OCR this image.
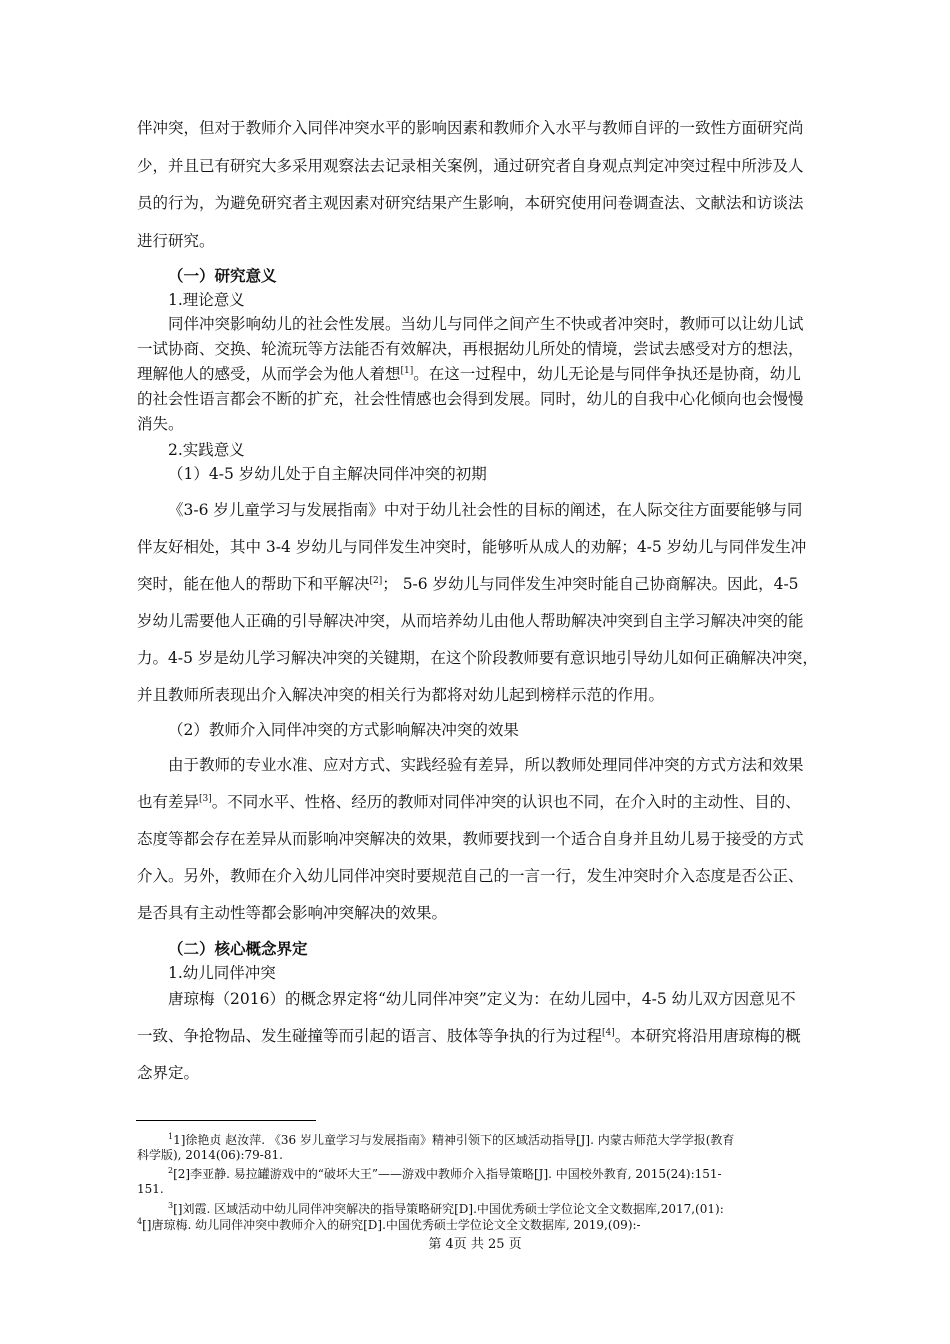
伴冲突，但对于教师介入同伴冲突水平的影响因素和教师介入水平与教师自评的一致性方面研究尚
少，并且已有研究大多采用观察法去记录相关案例，通过研究者自身观点判定冲突过程中所涉及人
员的行为，为避免研究者主观因素对研究结果产生影响，本研究使用问卷调查法、文献法和访谈法
进行研究。
（一）研究意义
1.理论意义
同伴冲突影响幼儿的社会性发展。当幼儿与同伴之间产生不快或者冲突时，教师可以让幼儿试
一试协商、交换、轮流玩等方法能否有效解决，再根据幼儿所处的情境，尝试去感受对方的想法，
理解他人的感受，从而学会为他人着想[1]。在这一过程中，幼儿无论是与同伴争执还是协商，幼儿
的社会性语言都会不断的扩充，社会性情感也会得到发展。同时，幼儿的自我中心化倾向也会慢慢
消失。
2.实践意义
（1）4-5 岁幼儿处于自主解决同伴冲突的初期
《3-6 岁儿童学习与发展指南》中对于幼儿社会性的目标的阐述，在人际交往方面要能够与同
伴友好相处，其中 3-4 岁幼儿与同伴发生冲突时，能够听从成人的劝解；4-5 岁幼儿与同伴发生冲
突时，能在他人的帮助下和平解决[2]； 5-6 岁幼儿与同伴发生冲突时能自己协商解决。因此，4-5
岁幼儿需要他人正确的引导解决冲突，从而培养幼儿由他人帮助解决冲突到自主学习解决冲突的能
力。4-5 岁是幼儿学习解决冲突的关键期，在这个阶段教师要有意识地引导幼儿如何正确解决冲突，
并且教师所表现出介入解决冲突的相关行为都将对幼儿起到榜样示范的作用。
（2）教师介入同伴冲突的方式影响解决冲突的效果
由于教师的专业水准、应对方式、实践经验有差异，所以教师处理同伴冲突的方式方法和效果
也有差异[3]。不同水平、性格、经历的教师对同伴冲突的认识也不同，在介入时的主动性、目的、
态度等都会存在差异从而影响冲突解决的效果，教师要找到一个适合自身并且幼儿易于接受的方式
介入。另外，教师在介入幼儿同伴冲突时要规范自己的一言一行，发生冲突时介入态度是否公正、
是否具有主动性等都会影响冲突解决的效果。
（二）核心概念界定
1.幼儿同伴冲突
唐琼梅（2016）的概念界定将“幼儿同伴冲突”定义为：在幼儿园中，4-5 幼儿双方因意见不
一致、争抢物品、发生碰撞等而引起的语言、肢体等争执的行为过程[4]。本研究将沿用唐琼梅的概
念界定。
$^1$1]徐艳贞 赵汝萍. 《36 岁儿童学习与发展指南》精神引领下的区域活动指导[J]. 内蒙古师范大学学报(教育
科学版), 2014(06):79-81.
$^2$[2]李亚静. 易拉罐游戏中的“破坏大王”——游戏中教师介入指导策略[J]. 中国校外教育, 2015(24):151-
151.
$^3$[]刘霞. 区域活动中幼儿同伴冲突解决的指导策略研究[D].中国优秀硕士学位论文全文数据库,2017,(01):
$^4$[]唐琼梅. 幼儿同伴冲突中教师介入的研究[D].中国优秀硕士学位论文全文数据库, 2019,(09):-
第 4页 共 25 页
